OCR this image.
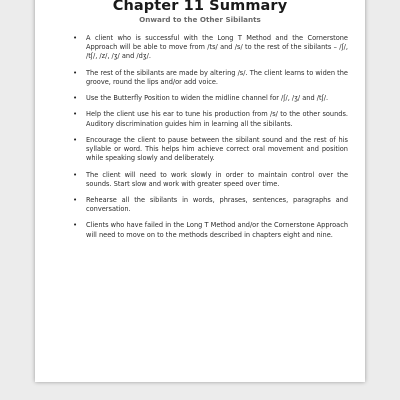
Chapter 11 Summary
Onward to the Other Sibilants
• A client who is successful with the Long T Method and the Cornerstone Approach will be able to move from /ts/ and /s/ to the rest of the sibilants – /ʃ/, /tʃ/, /z/, /ʒ/ and /dʒ/.
• The rest of the sibilants are made by altering /s/. The client learns to widen the groove, round the lips and/or add voice.
• Use the Butterfly Position to widen the midline channel for /ʃ/, /ʒ/ and /tʃ/.
• Help the client use his ear to tune his production from /s/ to the other sounds. Auditory discrimination guides him in learning all the sibilants.
• Encourage the client to pause between the sibilant sound and the rest of his syllable or word. This helps him achieve correct oral movement and position while speaking slowly and deliberately.
• The client will need to work slowly in order to maintain control over the sounds. Start slow and work with greater speed over time.
• Rehearse all the sibilants in words, phrases, sentences, paragraphs and conversation.
• Clients who have failed in the Long T Method and/or the Cornerstone Approach will need to move on to the methods described in chapters eight and nine.
